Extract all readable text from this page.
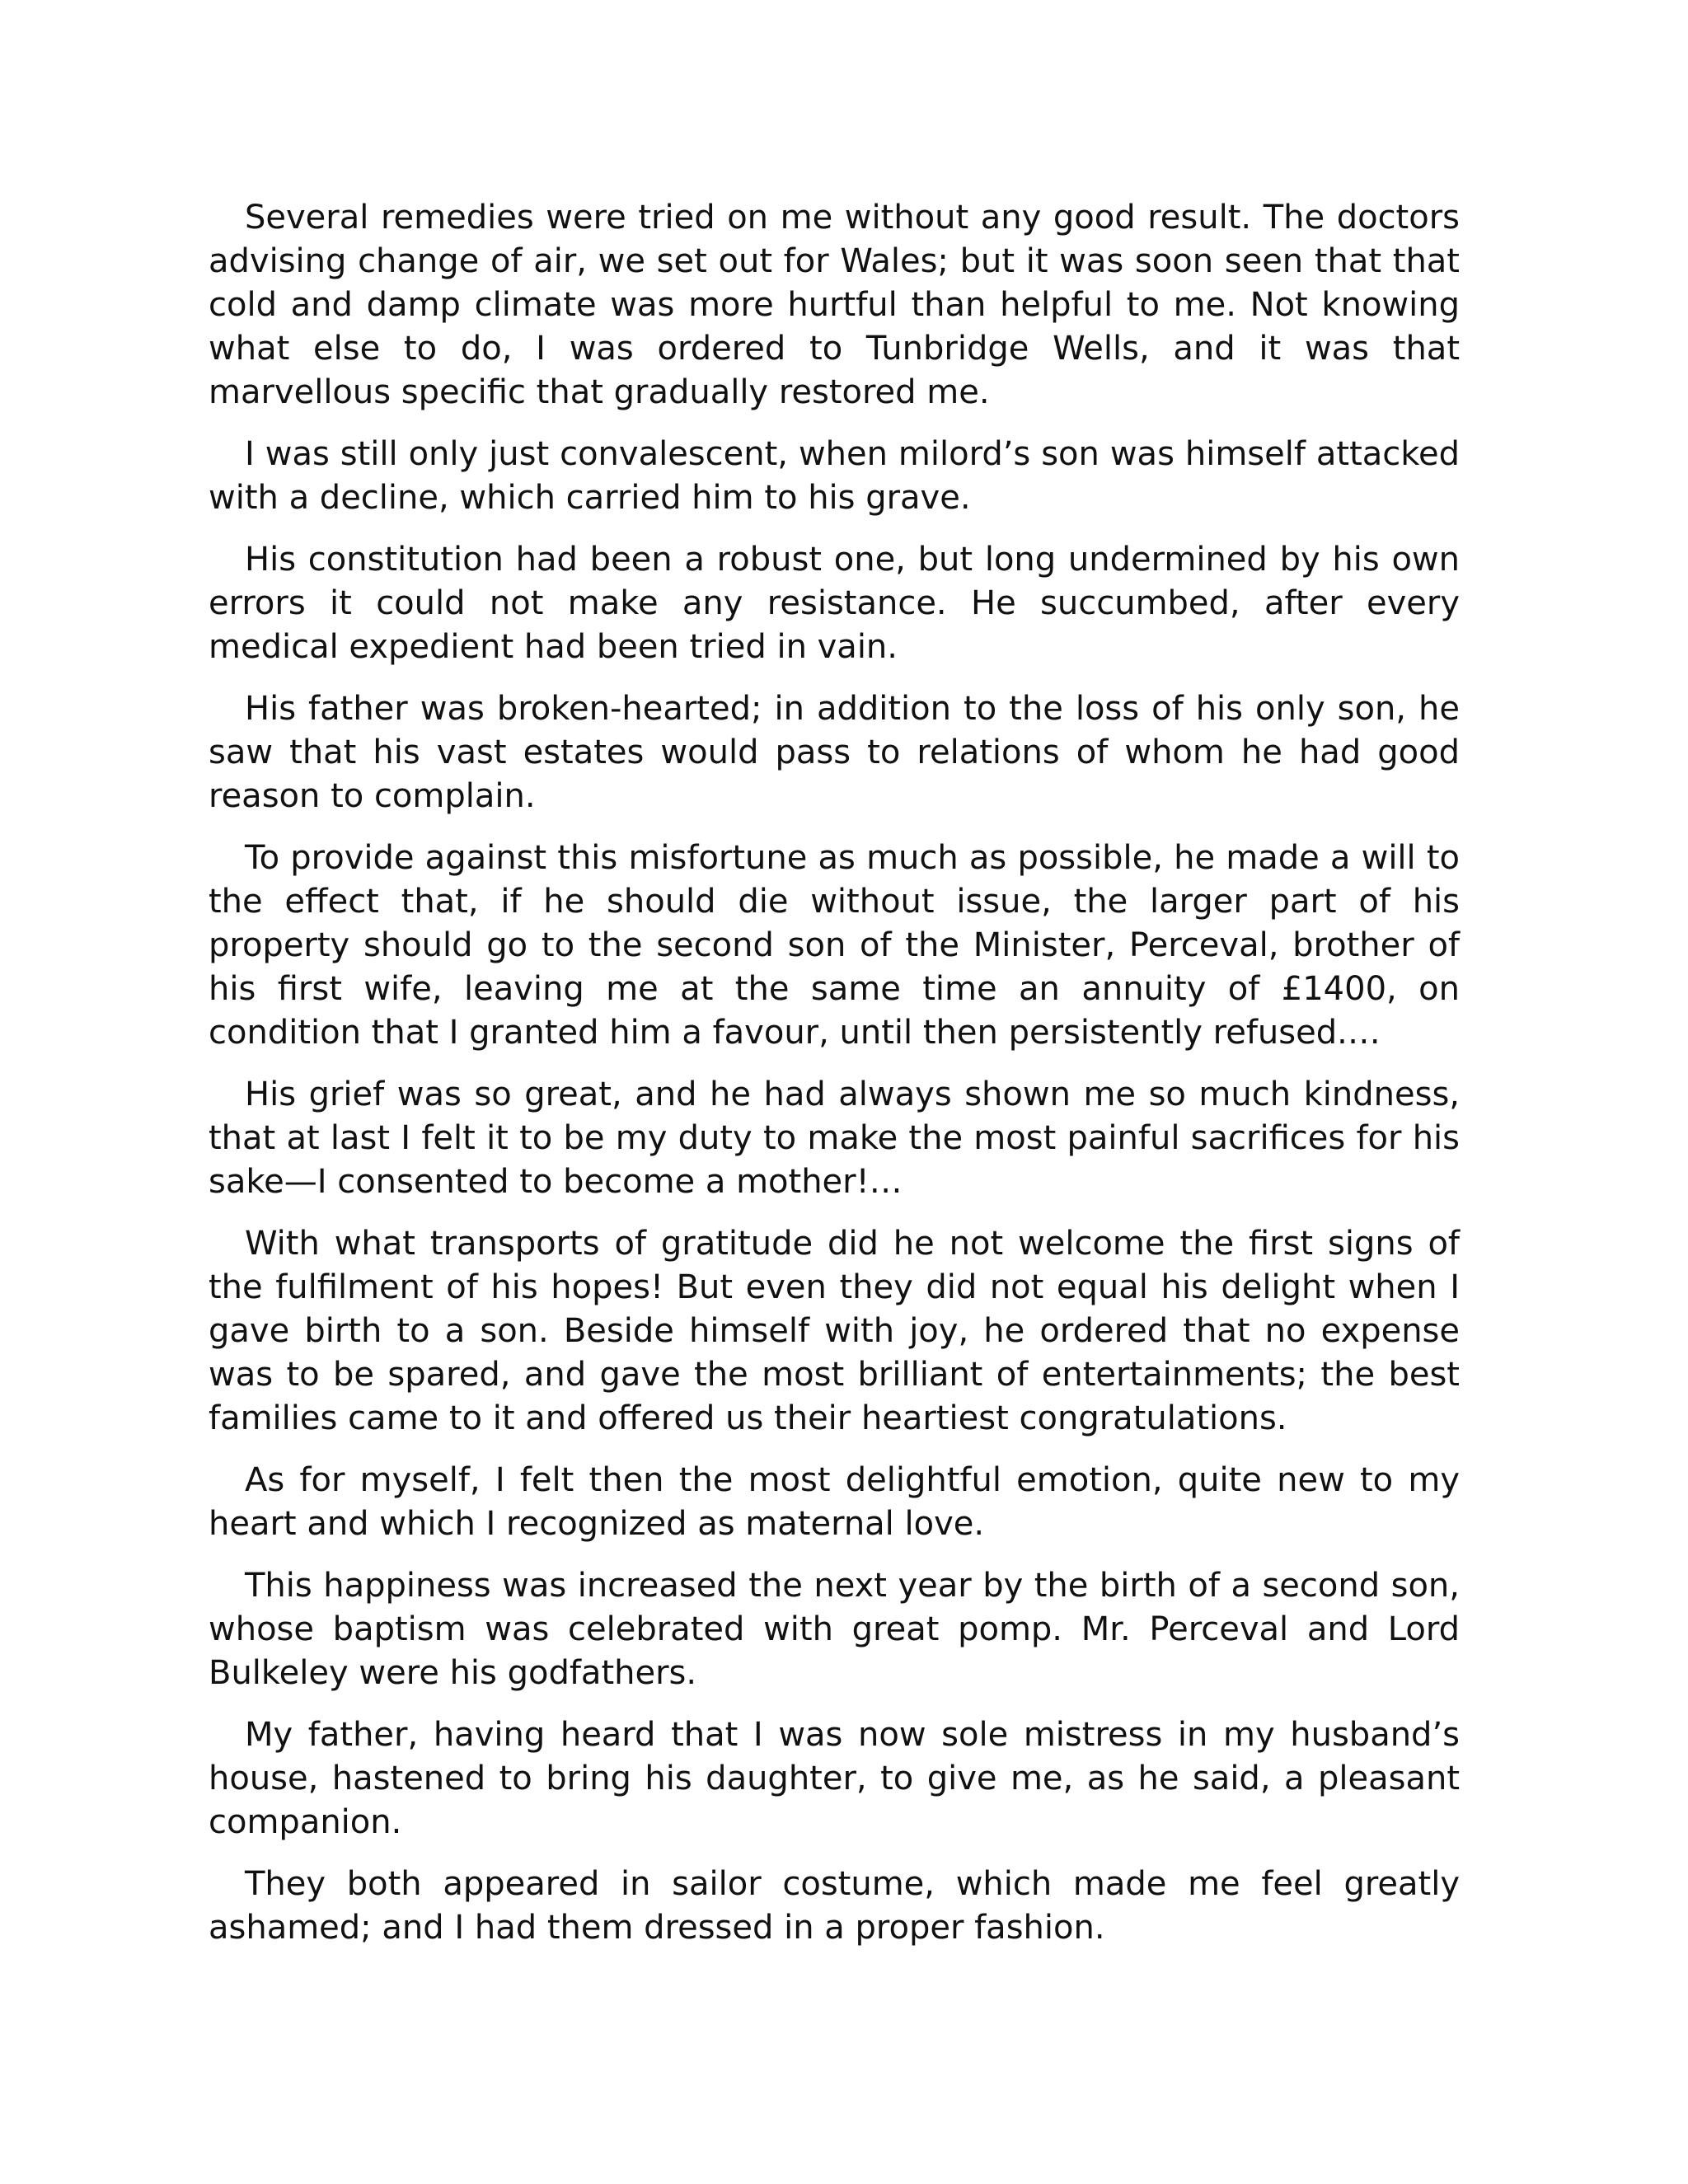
Several remedies were tried on me without any good result. The doctors advising change of air, we set out for Wales; but it was soon seen that that cold and damp climate was more hurtful than helpful to me. Not knowing what else to do, I was ordered to Tunbridge Wells, and it was that marvellous specific that gradually restored me.

I was still only just convalescent, when milord’s son was himself attacked with a decline, which carried him to his grave.

His constitution had been a robust one, but long undermined by his own errors it could not make any resistance. He succumbed, after every medical expedient had been tried in vain.

His father was broken-hearted; in addition to the loss of his only son, he saw that his vast estates would pass to relations of whom he had good reason to complain.

To provide against this misfortune as much as possible, he made a will to the effect that, if he should die without issue, the larger part of his property should go to the second son of the Minister, Perceval, brother of his first wife, leaving me at the same time an annuity of £1400, on condition that I granted him a favour, until then persistently refused.…

His grief was so great, and he had always shown me so much kindness, that at last I felt it to be my duty to make the most painful sacrifices for his sake—I consented to become a mother!…

With what transports of gratitude did he not welcome the first signs of the fulfilment of his hopes! But even they did not equal his delight when I gave birth to a son. Beside himself with joy, he ordered that no expense was to be spared, and gave the most brilliant of entertainments; the best families came to it and offered us their heartiest congratulations.

As for myself, I felt then the most delightful emotion, quite new to my heart and which I recognized as maternal love.

This happiness was increased the next year by the birth of a second son, whose baptism was celebrated with great pomp. Mr. Perceval and Lord Bulkeley were his godfathers.

My father, having heard that I was now sole mistress in my husband’s house, hastened to bring his daughter, to give me, as he said, a pleasant companion.

They both appeared in sailor costume, which made me feel greatly ashamed; and I had them dressed in a proper fashion.
